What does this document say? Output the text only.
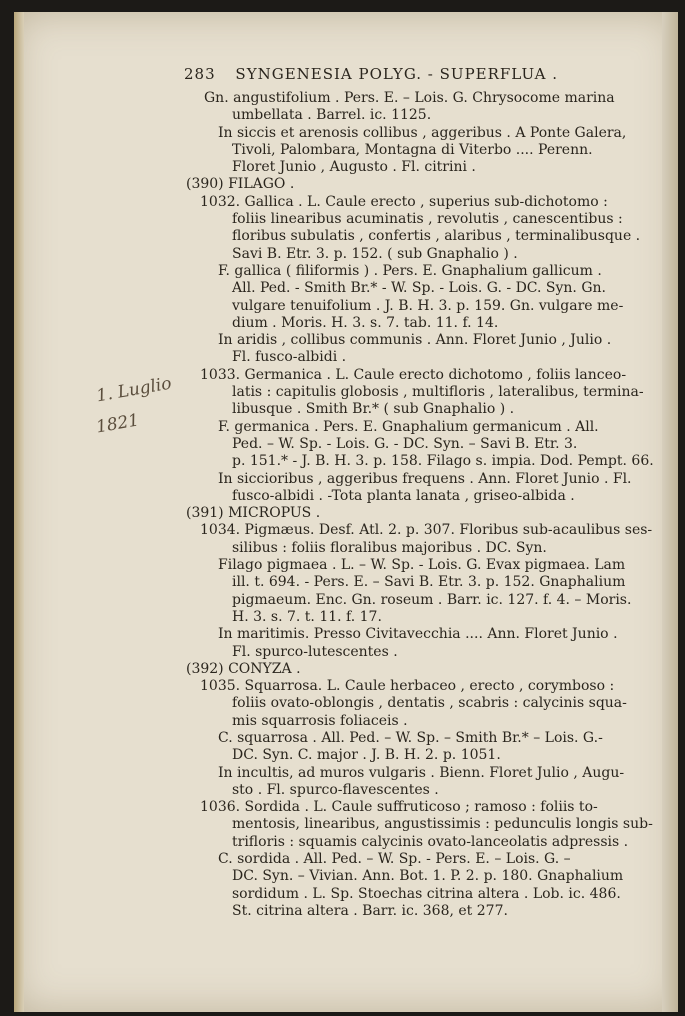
283 SYNGENESIA POLYG. - SUPERFLUA .
1. Luglio
1821
Gn. angustifolium . Pers. E. – Lois. G. Chrysocome marina
umbellata . Barrel. ic. 1125.
In siccis et arenosis collibus , aggeribus . A Ponte Galera,
Tivoli, Palombara, Montagna di Viterbo .... Perenn.
Floret Junio , Augusto . Fl. citrini .
(390) FILAGO .
1032. Gallica . L. Caule erecto , superius sub-dichotomo :
foliis linearibus acuminatis , revolutis , canescentibus :
floribus subulatis , confertis , alaribus , terminalibusque .
Savi B. Etr. 3. p. 152. ( sub Gnaphalio ) .
F. gallica ( filiformis ) . Pers. E. Gnaphalium gallicum .
All. Ped. - Smith Br.* - W. Sp. - Lois. G. - DC. Syn. Gn.
vulgare tenuifolium . J. B. H. 3. p. 159. Gn. vulgare me-
dium . Moris. H. 3. s. 7. tab. 11. f. 14.
In aridis , collibus communis . Ann. Floret Junio , Julio .
Fl. fusco-albidi .
1033. Germanica . L. Caule erecto dichotomo , foliis lanceo-
latis : capitulis globosis , multifloris , lateralibus, termina-
libusque . Smith Br.* ( sub Gnaphalio ) .
F. germanica . Pers. E. Gnaphalium germanicum . All.
Ped. – W. Sp. - Lois. G. - DC. Syn. – Savi B. Etr. 3.
p. 151.* - J. B. H. 3. p. 158. Filago s. impia. Dod. Pempt. 66.
In siccioribus , aggeribus frequens . Ann. Floret Junio . Fl.
fusco-albidi . -Tota planta lanata , griseo-albida .
(391) MICROPUS .
1034. Pigmæus. Desf. Atl. 2. p. 307. Floribus sub-acaulibus ses-
silibus : foliis floralibus majoribus . DC. Syn.
Filago pigmaea . L. – W. Sp. - Lois. G. Evax pigmaea. Lam
ill. t. 694. - Pers. E. – Savi B. Etr. 3. p. 152. Gnaphalium
pigmaeum. Enc. Gn. roseum . Barr. ic. 127. f. 4. – Moris.
H. 3. s. 7. t. 11. f. 17.
In maritimis. Presso Civitavecchia .... Ann. Floret Junio .
Fl. spurco-lutescentes .
(392) CONYZA .
1035. Squarrosa. L. Caule herbaceo , erecto , corymboso :
foliis ovato-oblongis , dentatis , scabris : calycinis squa-
mis squarrosis foliaceis .
C. squarrosa . All. Ped. – W. Sp. – Smith Br.* – Lois. G.-
DC. Syn. C. major . J. B. H. 2. p. 1051.
In incultis, ad muros vulgaris . Bienn. Floret Julio , Augu-
sto . Fl. spurco-flavescentes .
1036. Sordida . L. Caule suffruticoso ; ramoso : foliis to-
mentosis, linearibus, angustissimis : pedunculis longis sub-
trifloris : squamis calycinis ovato-lanceolatis adpressis .
C. sordida . All. Ped. – W. Sp. - Pers. E. – Lois. G. –
DC. Syn. – Vivian. Ann. Bot. 1. P. 2. p. 180. Gnaphalium
sordidum . L. Sp. Stoechas citrina altera . Lob. ic. 486.
St. citrina altera . Barr. ic. 368, et 277.
